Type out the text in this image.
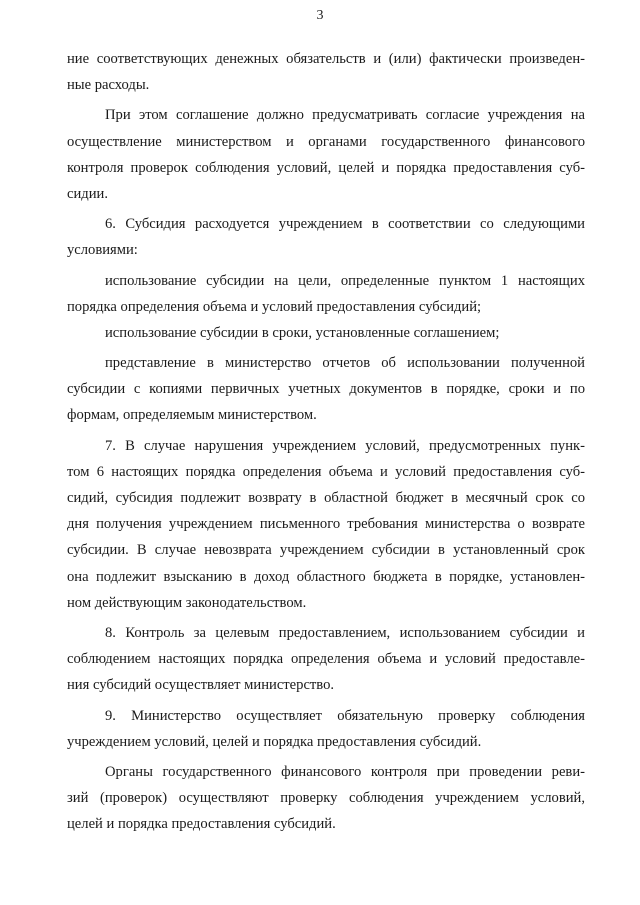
3
ние соответствующих денежных обязательств и (или) фактически произведен-
ные расходы.
При этом соглашение должно предусматривать согласие учреждения на
осуществление министерством и органами государственного финансового
контроля проверок соблюдения условий, целей и порядка предоставления суб-
сидии.
6. Субсидия расходуется учреждением в соответствии со следующими
условиями:
использование субсидии на цели, определенные пунктом 1 настоящих
порядка определения объема и условий предоставления субсидий;
использование субсидии в сроки, установленные соглашением;
представление в министерство отчетов об использовании полученной
субсидии с копиями первичных учетных документов в порядке, сроки и по
формам, определяемым министерством.
7. В случае нарушения учреждением условий, предусмотренных пунк-
том 6 настоящих порядка определения объема и условий предоставления суб-
сидий, субсидия подлежит возврату в областной бюджет в месячный срок со
дня получения учреждением письменного требования министерства о возврате
субсидии. В случае невозврата учреждением субсидии в установленный срок
она подлежит взысканию в доход областного бюджета в порядке, установлен-
ном действующим законодательством.
8. Контроль за целевым предоставлением, использованием субсидии и
соблюдением настоящих порядка определения объема и условий предоставле-
ния субсидий осуществляет министерство.
9. Министерство осуществляет обязательную проверку соблюдения
учреждением условий, целей и порядка предоставления субсидий.
Органы государственного финансового контроля при проведении реви-
зий (проверок) осуществляют проверку соблюдения учреждением условий,
целей и порядка предоставления субсидий.
